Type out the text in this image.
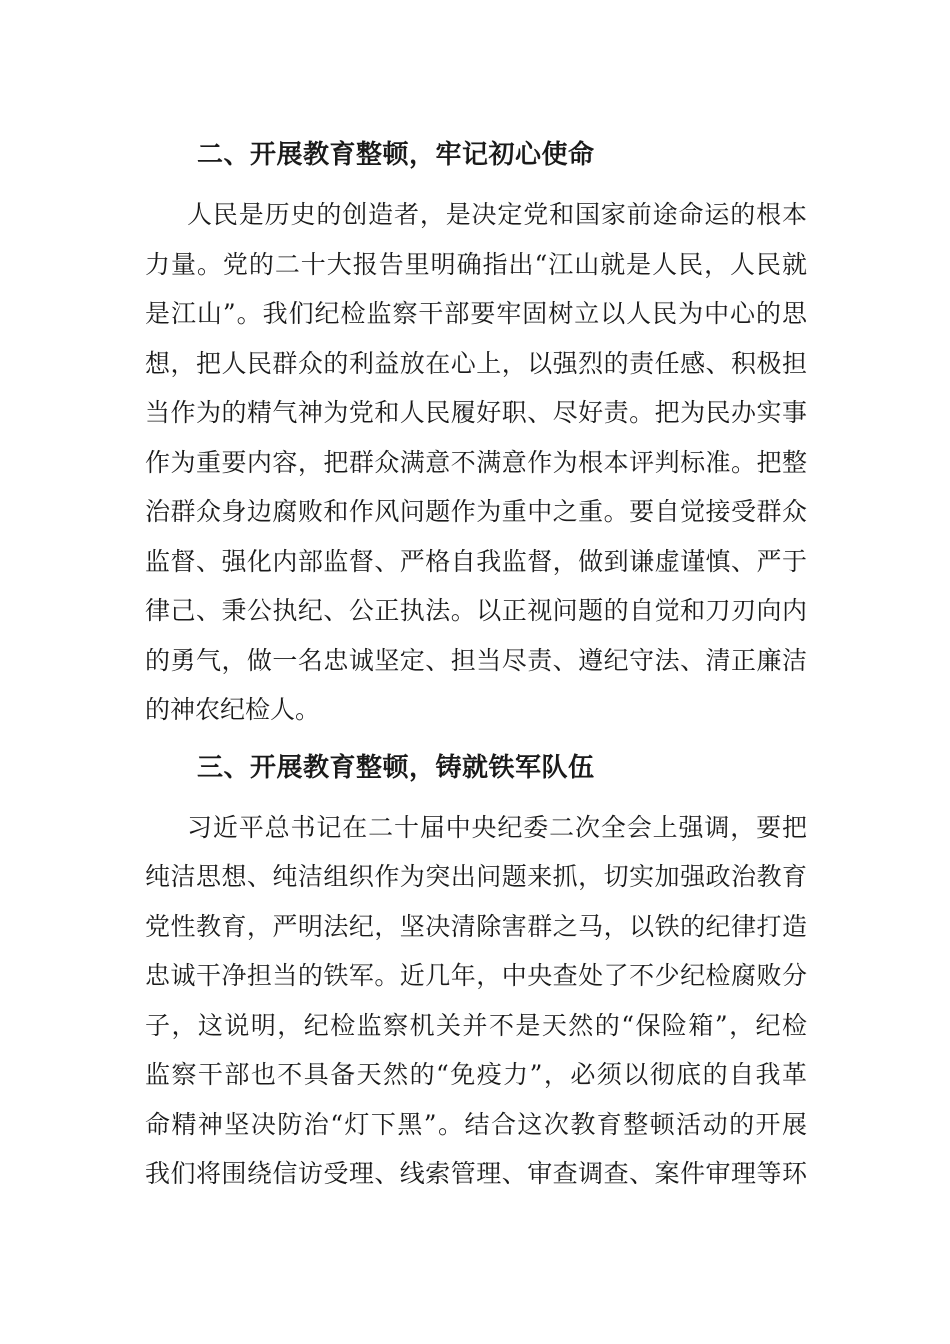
二、开展教育整顿，牢记初心使命

人民是历史的创造者，是决定党和国家前途命运的根本
力量。党的二十大报告里明确指出“江山就是人民，人民就
是江山”。我们纪检监察干部要牢固树立以人民为中心的思
想，把人民群众的利益放在心上，以强烈的责任感、积极担
当作为的精气神为党和人民履好职、尽好责。把为民办实事
作为重要内容，把群众满意不满意作为根本评判标准。把整
治群众身边腐败和作风问题作为重中之重。要自觉接受群众
监督、强化内部监督、严格自我监督，做到谦虚谨慎、严于
律己、秉公执纪、公正执法。以正视问题的自觉和刀刃向内
的勇气，做一名忠诚坚定、担当尽责、遵纪守法、清正廉洁
的神农纪检人。

三、开展教育整顿，铸就铁军队伍

习近平总书记在二十届中央纪委二次全会上强调，要把
纯洁思想、纯洁组织作为突出问题来抓，切实加强政治教育
党性教育，严明法纪，坚决清除害群之马，以铁的纪律打造
忠诚干净担当的铁军。近几年，中央查处了不少纪检腐败分
子，这说明，纪检监察机关并不是天然的“保险箱”，纪检
监察干部也不具备天然的“免疫力”，必须以彻底的自我革
命精神坚决防治“灯下黑”。结合这次教育整顿活动的开展
我们将围绕信访受理、线索管理、审查调查、案件审理等环
